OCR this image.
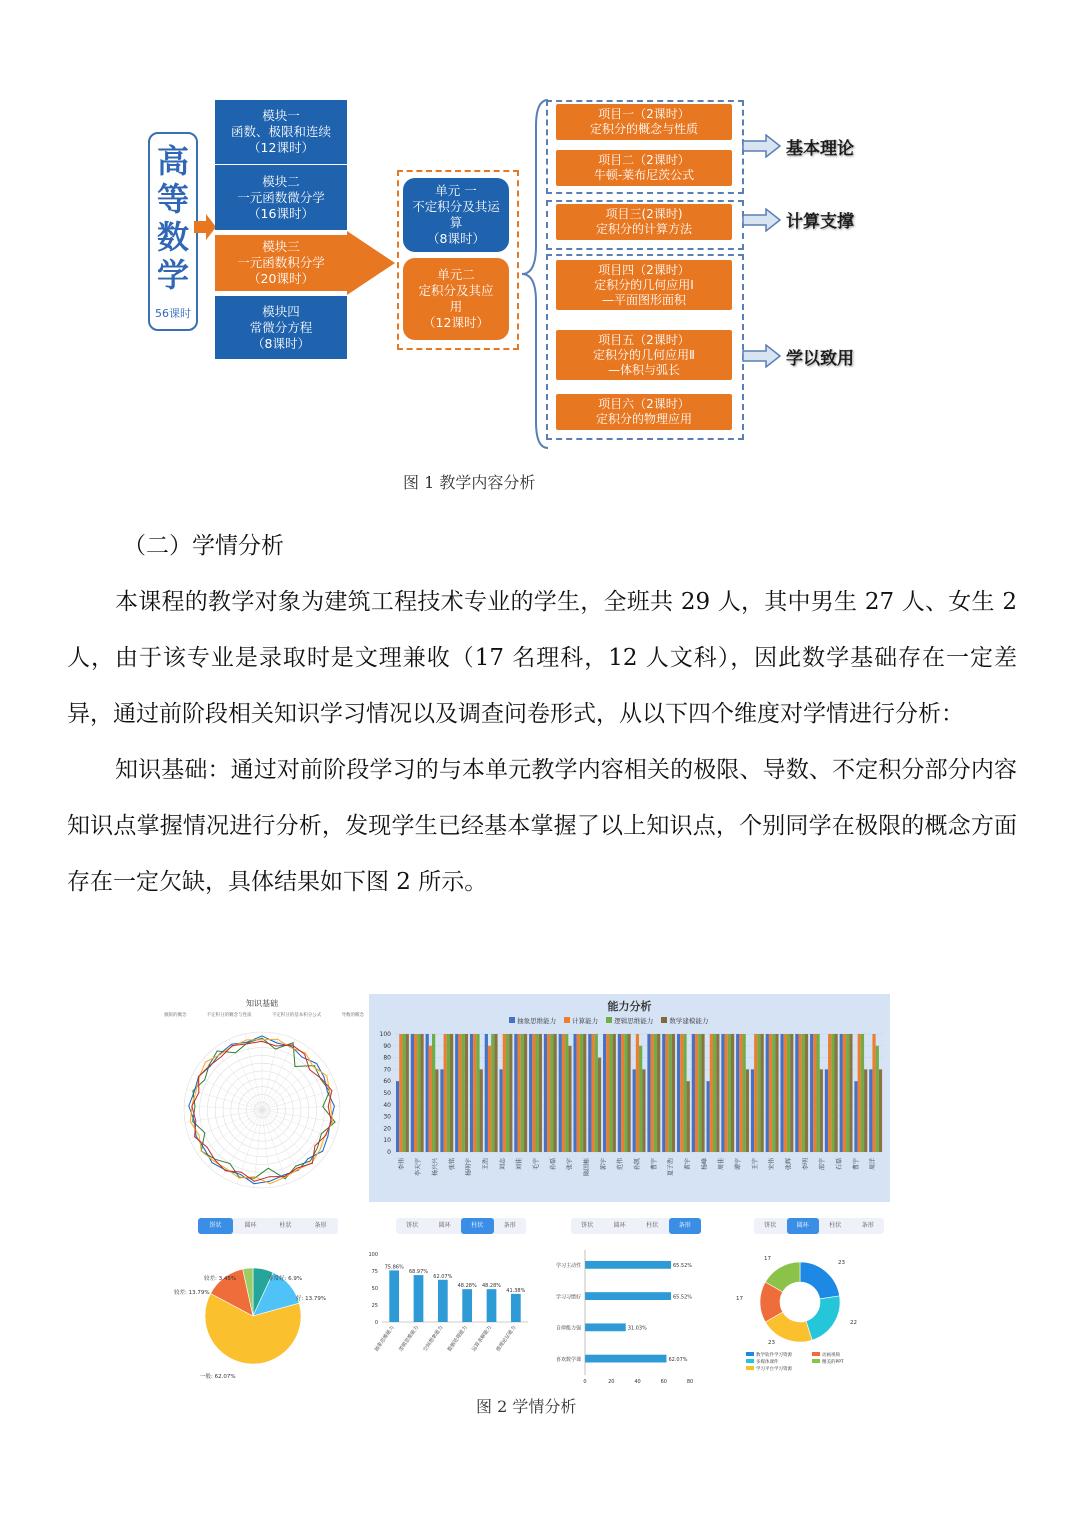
高等数学
56课时
模块一
函数、极限和连续
（12课时）
模块二
一元函数微分学
（16课时）
模块三
一元函数积分学
（20课时）
模块四
常微分方程
（8课时）
单元 一
不定积分及其运算
（8课时）
单元二
定积分及其应用
（12课时）
项目一（2课时）
定积分的概念与性质
项目二（2课时）
牛顿-莱布尼茨公式
项目三(2课时)
定积分的计算方法
项目四（2课时）
定积分的几何应用Ⅰ
—平面图形面积
项目五（2课时）
定积分的几何应用Ⅱ
—体积与弧长
项目六（2课时）
定积分的物理应用
基本理论
计算支撑
学以致用
图 1 教学内容分析
（二）学情分析
本课程的教学对象为建筑工程技术专业的学生，全班共 29 人，其中男生 27 人、女生 2 人，由于该专业是录取时是文理兼收（17 名理科，12 人文科），因此数学基础存在一定差异，通过前阶段相关知识学习情况以及调查问卷形式，从以下四个维度对学情进行分析：
知识基础：通过对前阶段学习的与本单元教学内容相关的极限、导数、不定积分部分内容知识点掌握情况进行分析，发现学生已经基本掌握了以上知识点，个别同学在极限的概念方面存在一定欠缺，具体结果如下图 2 所示。
知识基础
极限的概念	不定积分的概念与性质	不定积分的基本积分公式	导数的概念
能力分析
抽象思维能力	计算能力	逻辑思维能力	数学建模能力
0
10
20
30
40
50
60
70
80
90
100
李伟 李天宇 杨兴兴 张铭 杨明宇 王浩 刘志 刘佳 毛宇 孙磊 张宇 陈国栋 郭宇 范伟 孙凯 曹宇 夏子浩 黄宇 杨峰 周佳 谭宇 王宇 宋伟 张辉 李明 邵宇 石磊 曹宇 周洋
饼状	圆环	柱状	条形
较差: 3.45%	非常好: 6.9%
较差: 13.79%
好: 13.79%
一般: 62.07%
饼状	圆环	柱状	条形
0
25
50
75
100
75.86%
68.97%
62.07%
48.28% 48.28%
41.38%
抽象思维能力 逻辑思维能力 空间想象能力 数据处理能力 运算求解能力 推理论证能力
饼状	圆环	柱状	条形
65.52%
学习主动性
65.52%
学习习惯好
31.03%
自律能力强
62.07%
喜欢数学课
0	20	40	60	80
饼状	圆环	柱状	条形
17
23
17
22
23
数学软件学习资源
多媒体课件
学习平台学习资源
动画视频
精美的PPT
图 2 学情分析
